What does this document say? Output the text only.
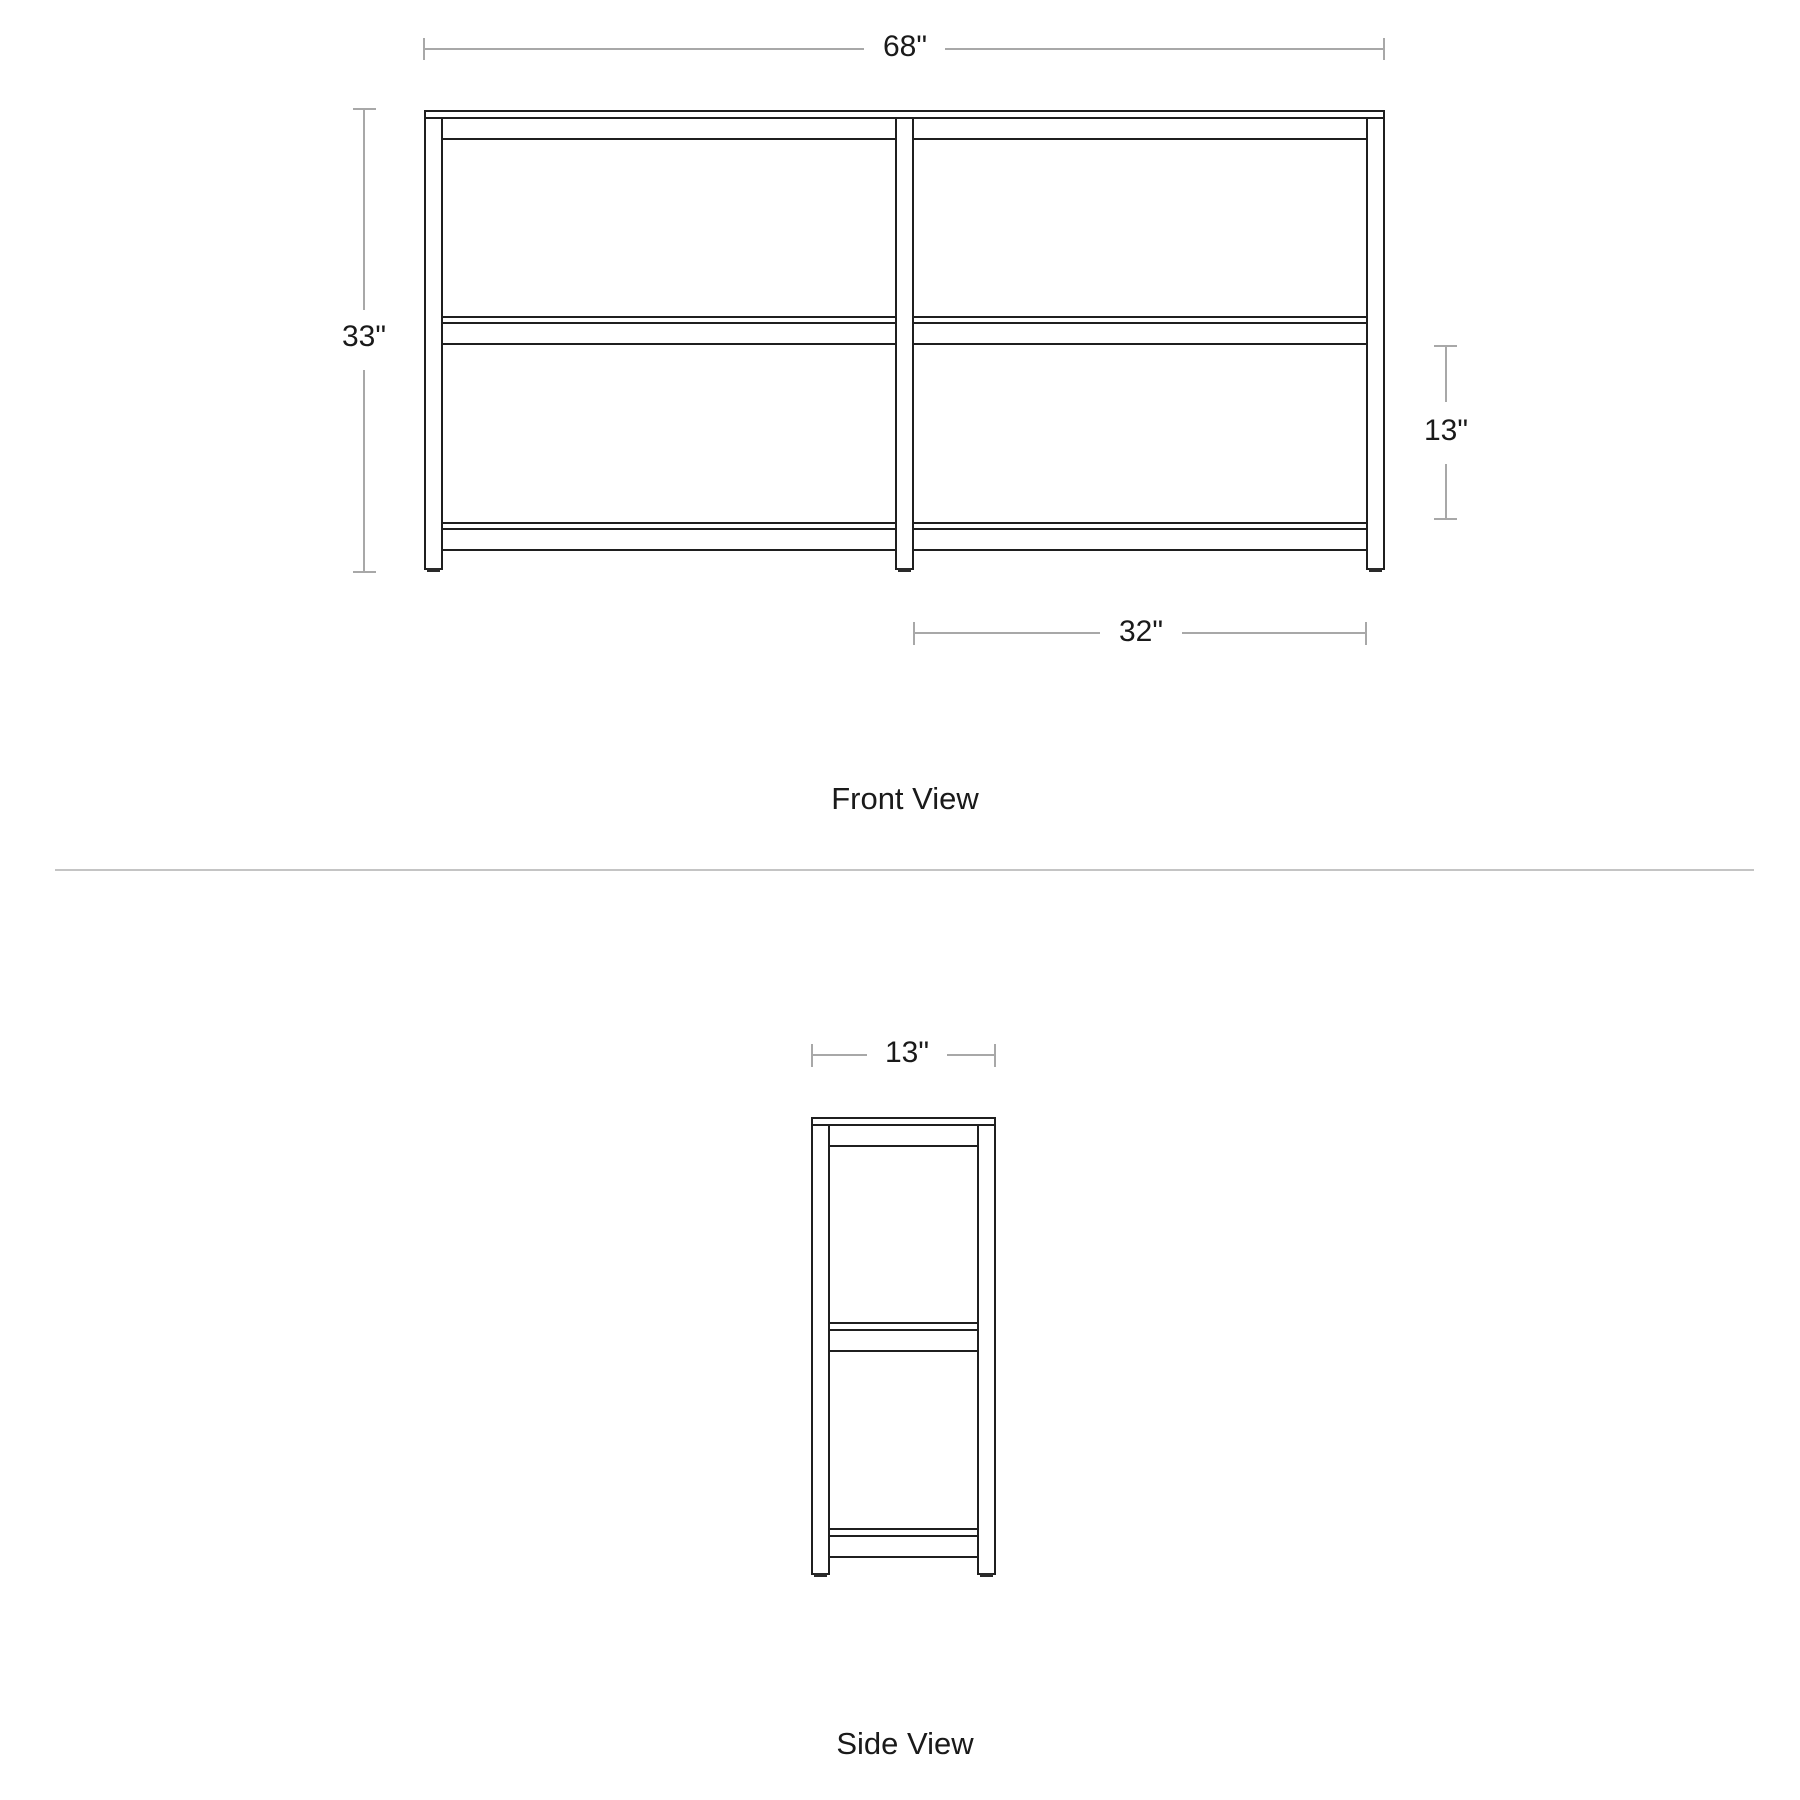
68"
33"
13"
32"
Front View
13"
Side View
